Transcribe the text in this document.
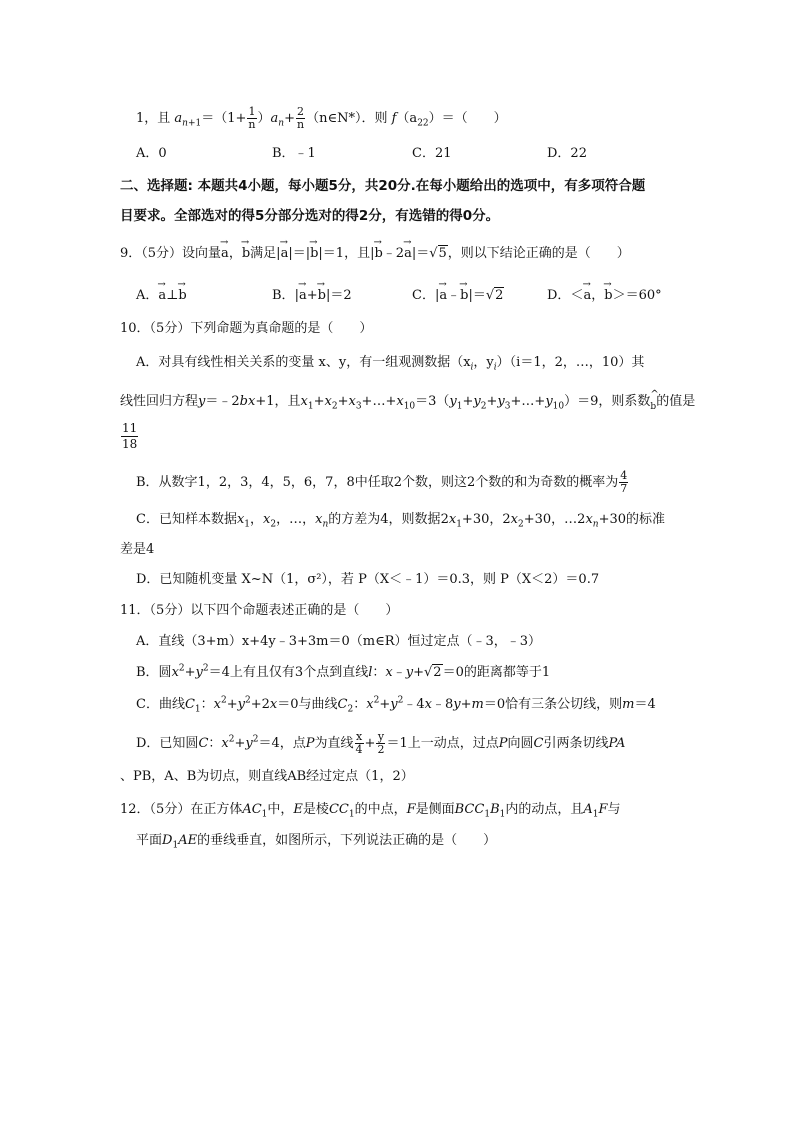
1，且 $a_{n+1}=(1+ \frac{1}{n} )a_n+ \frac{2}{n}$ （n∈N*）．则 $f(a_{22})=$（　　）
A．0	B．﹣1	C．21	D．22
二、选择题: 本题共4小题，每小题5分，共20分.在每小题给出的选项中，有多项符合题
目要求。全部选对的得5分部分选对的得2分，有选错的得0分。
9．（5分）设向量→ a，→ b满足|→ a|＝|→ b|＝1，且|→ b﹣2→ a|＝√5，则以下结论正确的是（　　）
A．→ a⊥→ b	B．|→ a+→ b|＝2	C．|→ a﹣→ b|＝√2	D．＜→ a，→ b＞＝60°
10．（5分）下列命题为真命题的是（　　）
A．对具有线性相关关系的变量 x、y，有一组观测数据（$x_i$，$y_i)(i=1$，2，…，10）其
线性回归方程y＝﹣2bx+1，且$x_1+x_2+x_3+\dots+x_{10}=3(y_1+y_2+y_3+\dots+y_{10})=9$，则系数$_b$的值是
$\frac{11}{18}$
B．从数字1，2，3，4，5，6，7，8中任取2个数，则这2个数的和为奇数的概率为 $\frac{4}{7}$
C．已知样本数据$x_1$，$x_2$，…，$x_n$的方差为4，则数据$2x_1+30$，$2x_2+30$，$\dots 2x_n+30$的标准
差是4
D．已知随机变量 X~N（1，σ²），若 P（X＜﹣1）＝0.3，则 P（X＜2）＝0.7
11．（5分）以下四个命题表述正确的是（　　）
A．直线（3+m）x+4y﹣3+3m＝0（m∈R）恒过定点（﹣3，﹣3）
B．圆$x^2+y^2=4$上有且仅有3个点到直线l：x﹣y+√2＝0的距离都等于1
C．曲线$C_1$：$x^2+y^2+2x=0$与曲线$C_2$：$x^2+y^2﹣4x﹣8y+m=0$恰有三条公切线，则m＝4
D．已知圆C：$x^2+y^2=4$，点P为直线 $\frac{x}{4} + \frac{y}{2} =1$上一动点，过点P向圆C引两条切线PA
、PB，A、B为切点，则直线AB经过定点（1，2）
12．（5分）在正方体$AC_1$中，E是棱$CC_1$的中点，F是侧面$BCC_1B_1$内的动点，且$A_1F$与
平面$D_1AE$的垂线垂直，如图所示，下列说法正确的是（　　）
